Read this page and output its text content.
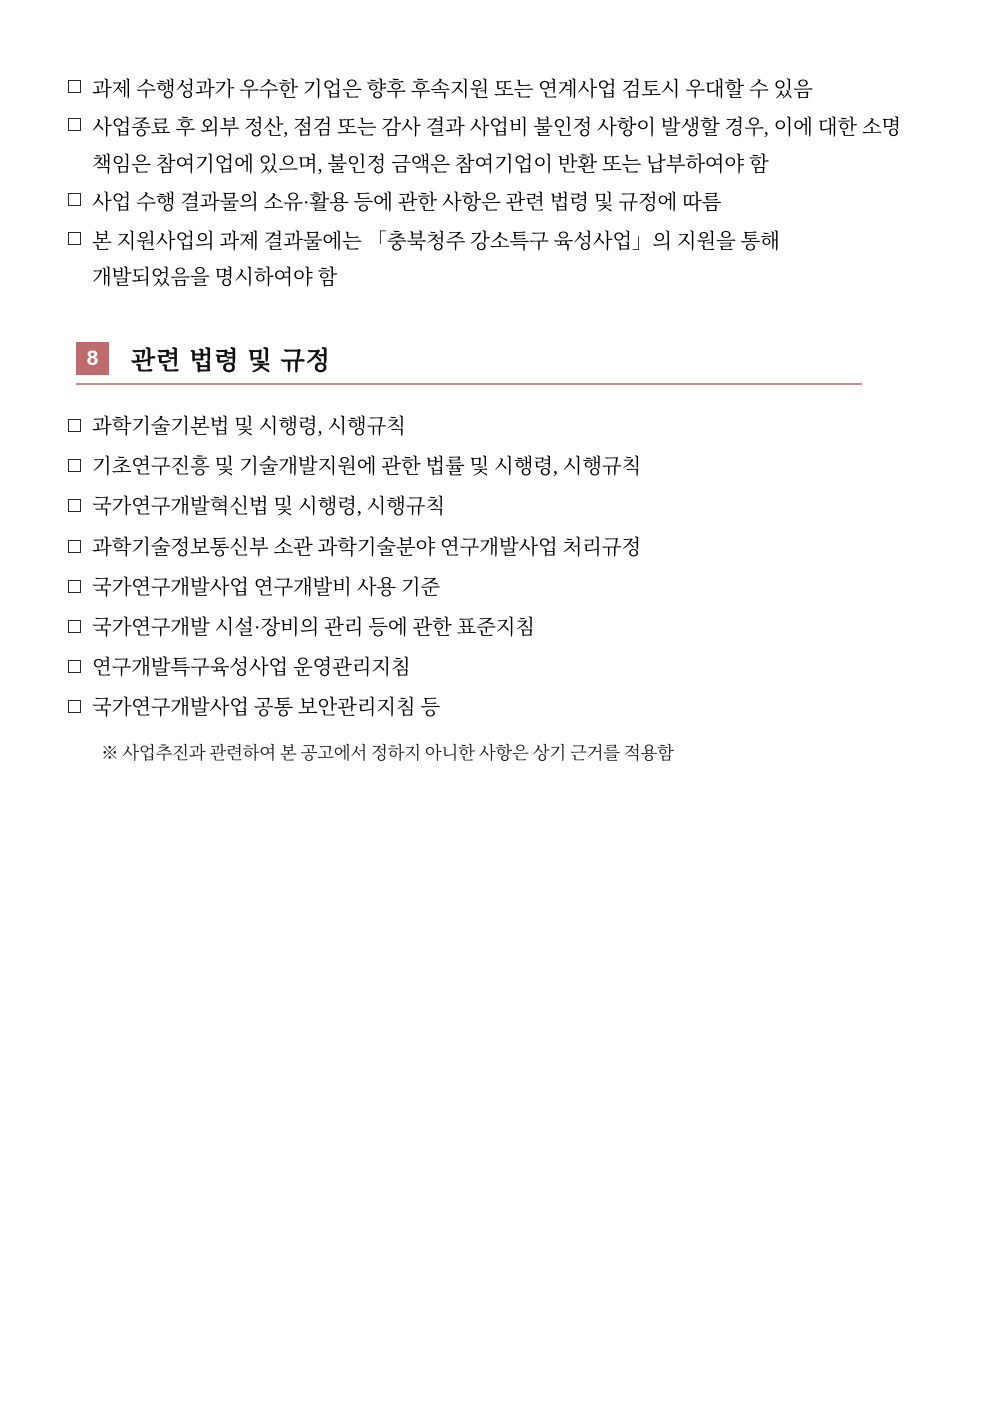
과제 수행성과가 우수한 기업은 향후 후속지원 또는 연계사업 검토시 우대할 수 있음
사업종료 후 외부 정산, 점검 또는 감사 결과 사업비 불인정 사항이 발생할 경우, 이에 대한 소명 책임은 참여기업에 있으며, 불인정 금액은 참여기업이 반환 또는 납부하여야 함
사업 수행 결과물의 소유·활용 등에 관한 사항은 관련 법령 및 규정에 따름
본 지원사업의 과제 결과물에는 「충북청주 강소특구 육성사업」의 지원을 통해 개발되었음을 명시하여야 함
8	관련 법령 및 규정
과학기술기본법 및 시행령, 시행규칙
기초연구진흥 및 기술개발지원에 관한 법률 및 시행령, 시행규칙
국가연구개발혁신법 및 시행령, 시행규칙
과학기술정보통신부 소관 과학기술분야 연구개발사업 처리규정
국가연구개발사업 연구개발비 사용 기준
국가연구개발 시설·장비의 관리 등에 관한 표준지침
연구개발특구육성사업 운영관리지침
국가연구개발사업 공통 보안관리지침 등
※ 사업추진과 관련하여 본 공고에서 정하지 아니한 사항은 상기 근거를 적용함
